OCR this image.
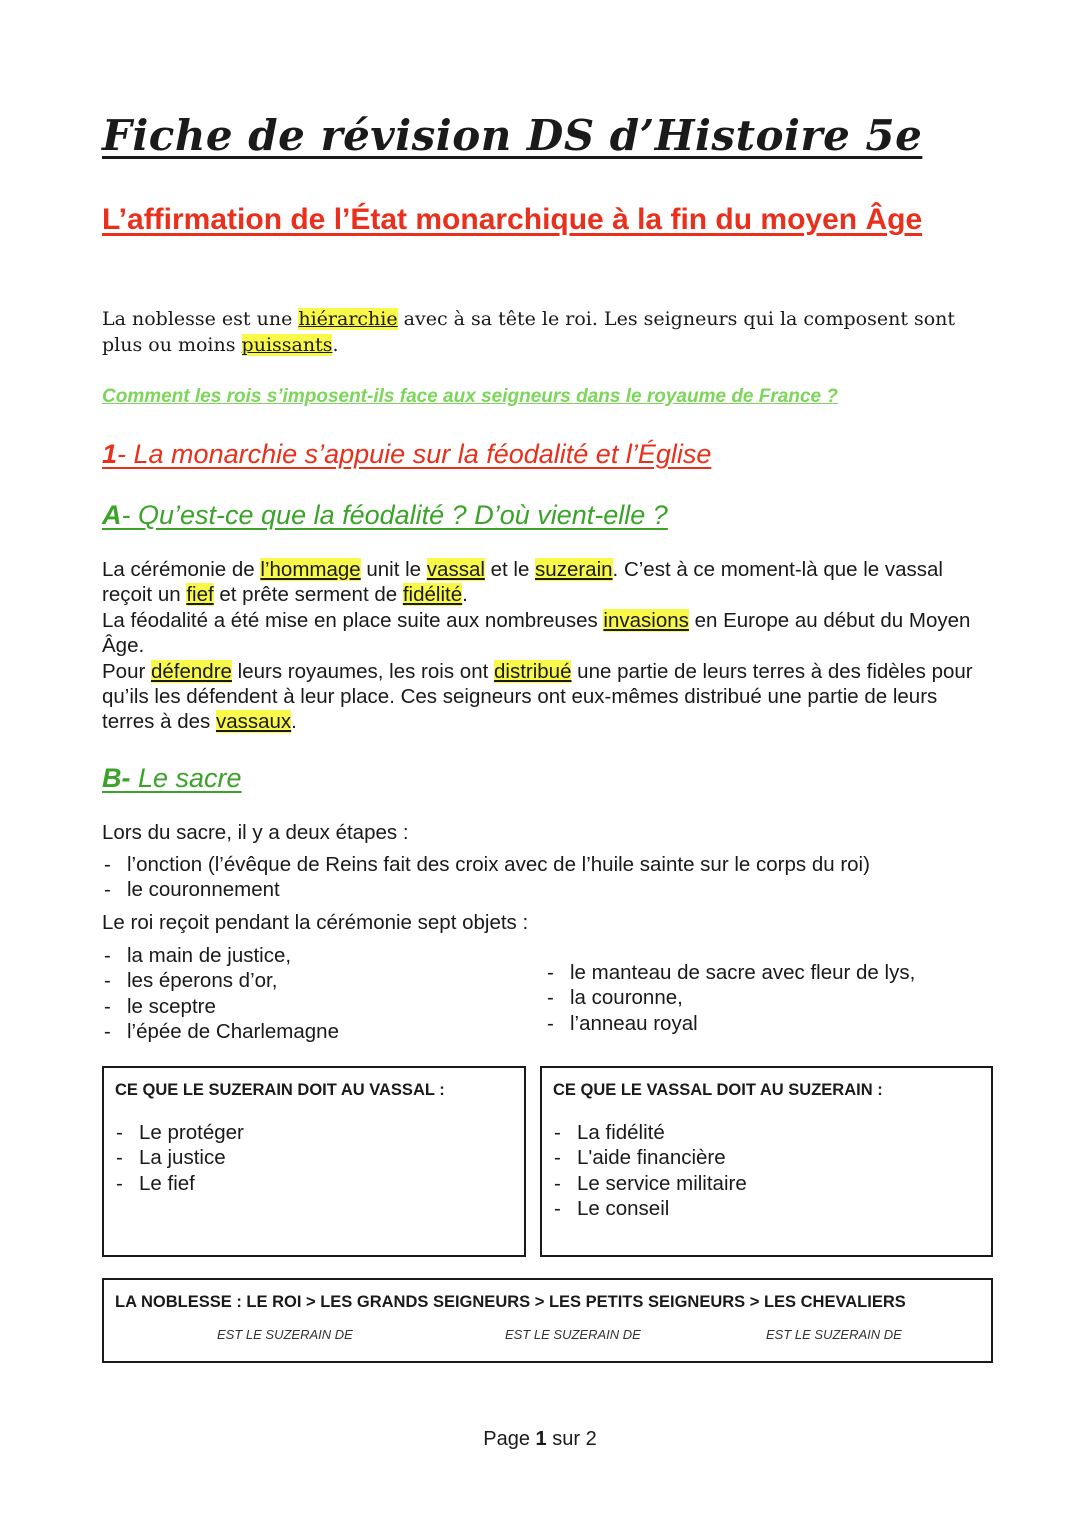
Fiche de révision DS d’Histoire 5e
L’affirmation de l’État monarchique à la fin du moyen Âge
La noblesse est une hiérarchie avec à sa tête le roi. Les seigneurs qui la composent sont plus ou moins puissants.
Comment les rois s’imposent-ils face aux seigneurs dans le royaume de France ?
1- La monarchie s’appuie sur la féodalité et l’Église
A- Qu’est-ce que la féodalité ? D’où vient-elle ?
La cérémonie de l’hommage unit le vassal et le suzerain. C’est à ce moment-là que le vassal reçoit un fief et prête serment de fidélité.
La féodalité a été mise en place suite aux nombreuses invasions en Europe au début du Moyen Âge.
Pour défendre leurs royaumes, les rois ont distribué une partie de leurs terres à des fidèles pour qu’ils les défendent à leur place. Ces seigneurs ont eux-mêmes distribué une partie de leurs terres à des vassaux.
B- Le sacre
Lors du sacre, il y a deux étapes :
- l’onction (l’évêque de Reins fait des croix avec de l’huile sainte sur le corps du roi)
- le couronnement
Le roi reçoit pendant la cérémonie sept objets :
- la main de justice,
- les éperons d’or,
- le sceptre
- l’épée de Charlemagne
- le manteau de sacre avec fleur de lys,
- la couronne,
- l’anneau royal
CE QUE LE SUZERAIN DOIT AU VASSAL :
- Le protéger
- La justice
- Le fief
CE QUE LE VASSAL DOIT AU SUZERAIN :
- La fidélité
- L'aide financière
- Le service militaire
- Le conseil
LA NOBLESSE : LE ROI > LES GRANDS SEIGNEURS > LES PETITS SEIGNEURS > LES CHEVALIERS
EST LE SUZERAIN DE	EST LE SUZERAIN DE	EST LE SUZERAIN DE
Page 1 sur 2
